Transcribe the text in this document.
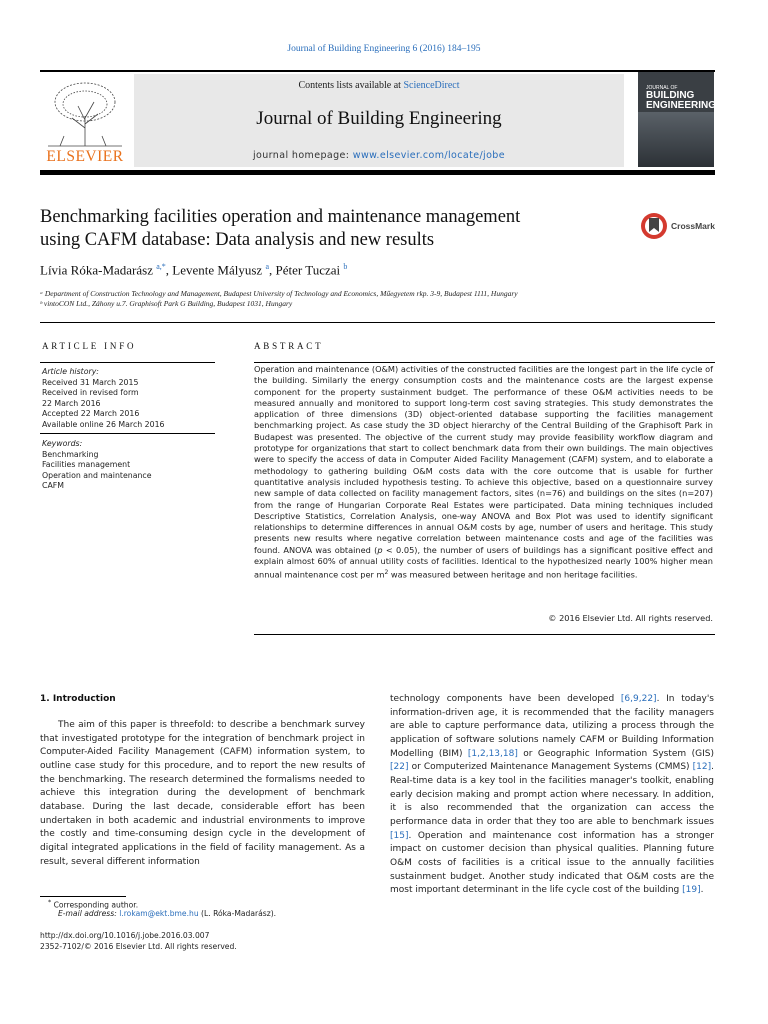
Journal of Building Engineering 6 (2016) 184–195
ELSEVIER
Contents lists available at ScienceDirect
Journal of Building Engineering
journal homepage: www.elsevier.com/locate/jobe
JOURNAL OF
BUILDING
ENGINEERING
Benchmarking facilities operation and maintenance management
using CAFM database: Data analysis and new results
CrossMark
Lívia Róka-Madarász $^{a,*}$, Levente Mályusz $^a$, Péter Tuczai $^b$
ᵃ Department of Construction Technology and Management, Budapest University of Technology and Economics, Műegyetem rkp. 3-9, Budapest 1111, Hungary
ᵇ vintoCON Ltd., Záhony u.7. Graphisoft Park G Building, Budapest 1031, Hungary
ARTICLE INFO	ABSTRACT
Article history:
Received 31 March 2015
Received in revised form
22 March 2016
Accepted 22 March 2016
Available online 26 March 2016
Keywords:
Benchmarking
Facilities management
Operation and maintenance
CAFM
Operation and maintenance (O&M) activities of the constructed facilities are the longest part in the life cycle of the building. Similarly the energy consumption costs and the maintenance costs are the largest expense component for the property sustainment budget. The performance of these O&M activities needs to be measured annually and monitored to support long-term cost saving strategies. This study demonstrates the application of three dimensions (3D) object-oriented database supporting the facilities management benchmarking project. As case study the 3D object hierarchy of the Central Building of the Graphisoft Park in Budapest was presented. The objective of the current study may provide feasibility workflow diagram and prototype for organizations that start to collect benchmark data from their own buildings. The main objectives were to specify the access of data in Computer Aided Facility Management (CAFM) system, and to elaborate a methodology to gathering building O&M costs data with the core outcome that is usable for further quantitative analysis included hypothesis testing. To achieve this objective, based on a questionnaire survey new sample of data collected on facility management factors, sites (n=76) and buildings on the sites (n=207) from the range of Hungarian Corporate Real Estates were participated. Data mining techniques included Descriptive Statistics, Correlation Analysis, one-way ANOVA and Box Plot was used to identify significant relationships to determine differences in annual O&M costs by age, number of users and heritage. This study presents new results where negative correlation between maintenance costs and age of the facilities was found. ANOVA was obtained (p < 0.05), the number of users of buildings has a significant positive effect and explain almost 60% of annual utility costs of facilities. Identical to the hypothesized nearly 100% higher mean annual maintenance cost per $m^2$ was measured between heritage and non heritage facilities.
© 2016 Elsevier Ltd. All rights reserved.
1. Introduction
The aim of this paper is threefold: to describe a benchmark survey that investigated prototype for the integration of benchmark project in Computer-Aided Facility Management (CAFM) information system, to outline case study for this procedure, and to report the new results of the benchmarking. The research determined the formalisms needed to achieve this integration during the development of benchmark database. During the last decade, considerable effort has been undertaken in both academic and industrial environments to improve the costly and time-consuming design cycle in the development of digital integrated applications in the field of facility management. As a result, several different information
technology components have been developed [6,9,22]. In today's information-driven age, it is recommended that the facility managers are able to capture performance data, utilizing a process through the application of software solutions namely CAFM or Building Information Modelling (BIM) [1,2,13,18] or Geographic Information System (GIS) [22] or Computerized Maintenance Management Systems (CMMS) [12]. Real-time data is a key tool in the facilities manager's toolkit, enabling early decision making and prompt action where necessary. In addition, it is also recommended that the organization can access the performance data in order that they too are able to benchmark issues [15]. Operation and maintenance cost information has a stronger impact on customer decision than physical qualities. Planning future O&M costs of facilities is a critical issue to the annually facilities sustainment budget. Another study indicated that O&M costs are the most important determinant in the life cycle cost of the building [19].
* Corresponding author.
E-mail address: l.rokam@ekt.bme.hu (L. Róka-Madarász).
http://dx.doi.org/10.1016/j.jobe.2016.03.007
2352-7102/© 2016 Elsevier Ltd. All rights reserved.
